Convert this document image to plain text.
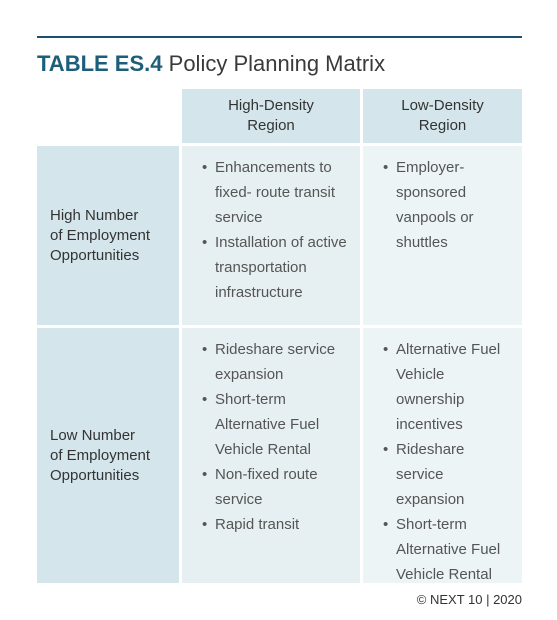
TABLE ES.4 Policy Planning Matrix
High-Density
Region
Low-Density
Region
High Number
of Employment
Opportunities
• Enhancements to fixed- route transit service
• Installation of active transportation infrastructure
• Employer-sponsored vanpools or shuttles
Low Number
of Employment
Opportunities
• Rideshare service expansion
• Short-term Alternative Fuel Vehicle Rental
• Non-fixed route service
• Rapid transit
• Alternative Fuel Vehicle ownership incentives
• Rideshare service expansion
• Short-term Alternative Fuel Vehicle Rental
© NEXT 10 | 2020
